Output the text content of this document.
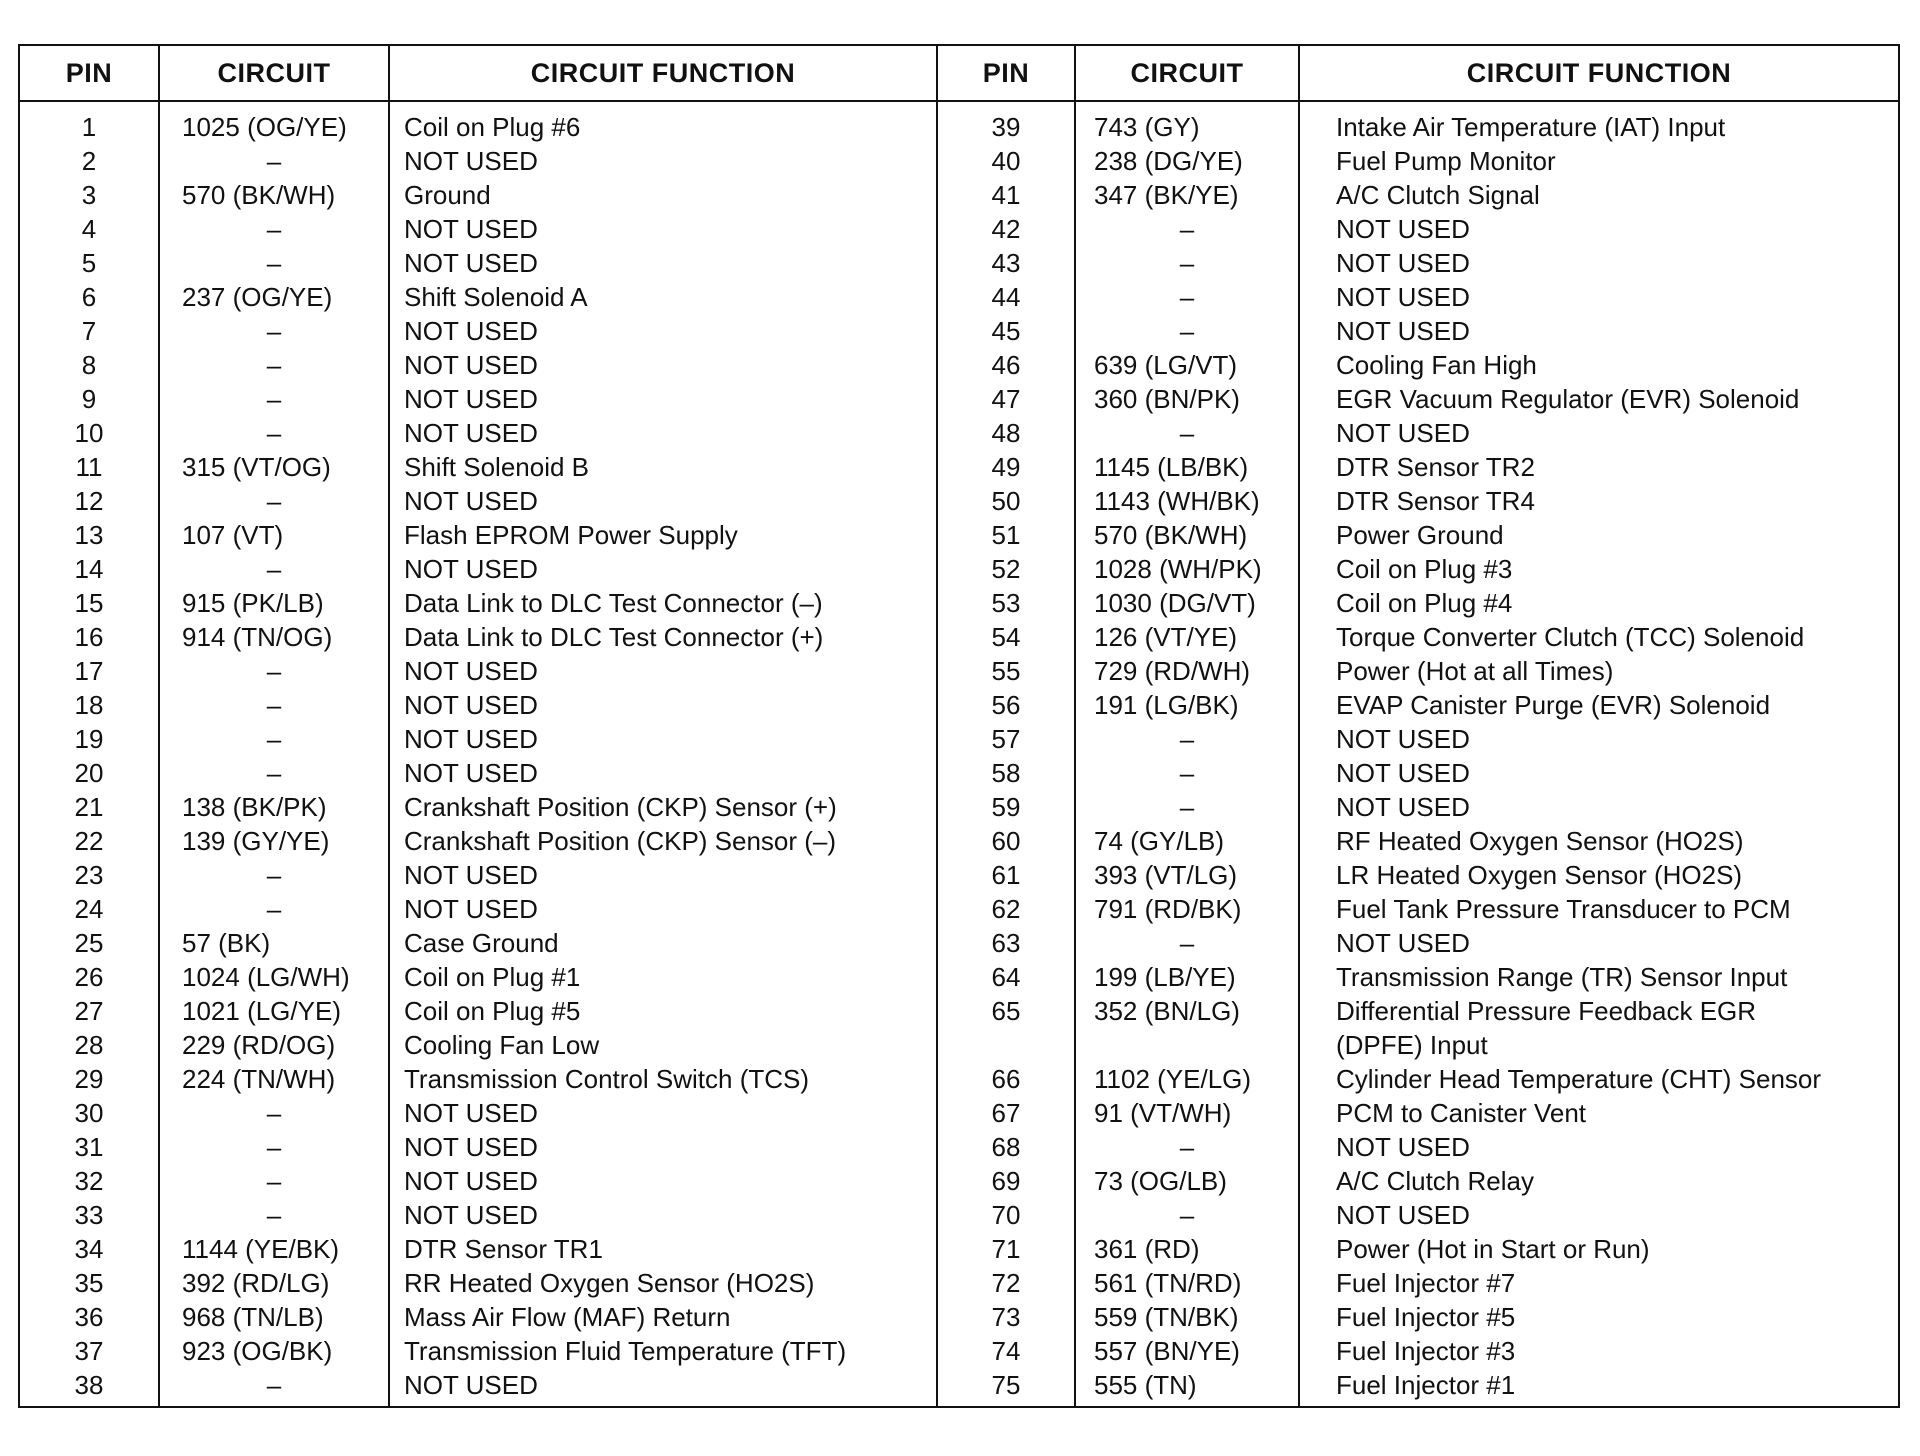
PIN	CIRCUIT	CIRCUIT FUNCTION	PIN	CIRCUIT	CIRCUIT FUNCTION
1	1025 (OG/YE) Coil on Plug #6
2	–	NOT USED
3	570 (BK/WH)	Ground
4	–	NOT USED
5	–	NOT USED
6	237 (OG/YE)	Shift Solenoid A
7	–	NOT USED
8	–	NOT USED
9	–	NOT USED
10	–	NOT USED
11	315 (VT/OG)	Shift Solenoid B
12	–	NOT USED
13	107 (VT)	Flash EPROM Power Supply
14	–	NOT USED
15	915 (PK/LB)	Data Link to DLC Test Connector (–)
16	914 (TN/OG)	Data Link to DLC Test Connector (+)
17	–	NOT USED
18	–	NOT USED
19	–	NOT USED
20	–	NOT USED
21	138 (BK/PK)	Crankshaft Position (CKP) Sensor (+)
22	139 (GY/YE)	Crankshaft Position (CKP) Sensor (–)
23	–	NOT USED
24	–	NOT USED
25	57 (BK)	Case Ground
26	1024 (LG/WH) Coil on Plug #1
27	1021 (LG/YE) Coil on Plug #5
28	229 (RD/OG)	Cooling Fan Low
29	224 (TN/WH)	Transmission Control Switch (TCS)
30	–	NOT USED
31	–	NOT USED
32	–	NOT USED
33	–	NOT USED
34	1144 (YE/BK) DTR Sensor TR1
35	392 (RD/LG)	RR Heated Oxygen Sensor (HO2S)
36	968 (TN/LB)	Mass Air Flow (MAF) Return
37	923 (OG/BK)	Transmission Fluid Temperature (TFT)
38	–	NOT USED
39	743 (GY)	Intake Air Temperature (IAT) Input
40	238 (DG/YE)	Fuel Pump Monitor
41	347 (BK/YE)	A/C Clutch Signal
42	–	NOT USED
43	–	NOT USED
44	–	NOT USED
45	–	NOT USED
46	639 (LG/VT)	Cooling Fan High
47	360 (BN/PK)	EGR Vacuum Regulator (EVR) Solenoid
48	–	NOT USED
49	1145 (LB/BK)	DTR Sensor TR2
50	1143 (WH/BK)	DTR Sensor TR4
51	570 (BK/WH)	Power Ground
52	1028 (WH/PK)	Coil on Plug #3
53	1030 (DG/VT)	Coil on Plug #4
54	126 (VT/YE)	Torque Converter Clutch (TCC) Solenoid
55	729 (RD/WH)	Power (Hot at all Times)
56	191 (LG/BK)	EVAP Canister Purge (EVR) Solenoid
57	–	NOT USED
58	–	NOT USED
59	–	NOT USED
60	74 (GY/LB)	RF Heated Oxygen Sensor (HO2S)
61	393 (VT/LG)	LR Heated Oxygen Sensor (HO2S)
62	791 (RD/BK)	Fuel Tank Pressure Transducer to PCM
63	–	NOT USED
64	199 (LB/YE)	Transmission Range (TR) Sensor Input
65	352 (BN/LG)	Differential Pressure Feedback EGR
(DPFE) Input
66	1102 (YE/LG)	Cylinder Head Temperature (CHT) Sensor
67	91 (VT/WH)	PCM to Canister Vent
68	–	NOT USED
69	73 (OG/LB)	A/C Clutch Relay
70	–	NOT USED
71	361 (RD)	Power (Hot in Start or Run)
72	561 (TN/RD)	Fuel Injector #7
73	559 (TN/BK)	Fuel Injector #5
74	557 (BN/YE)	Fuel Injector #3
75	555 (TN)	Fuel Injector #1
